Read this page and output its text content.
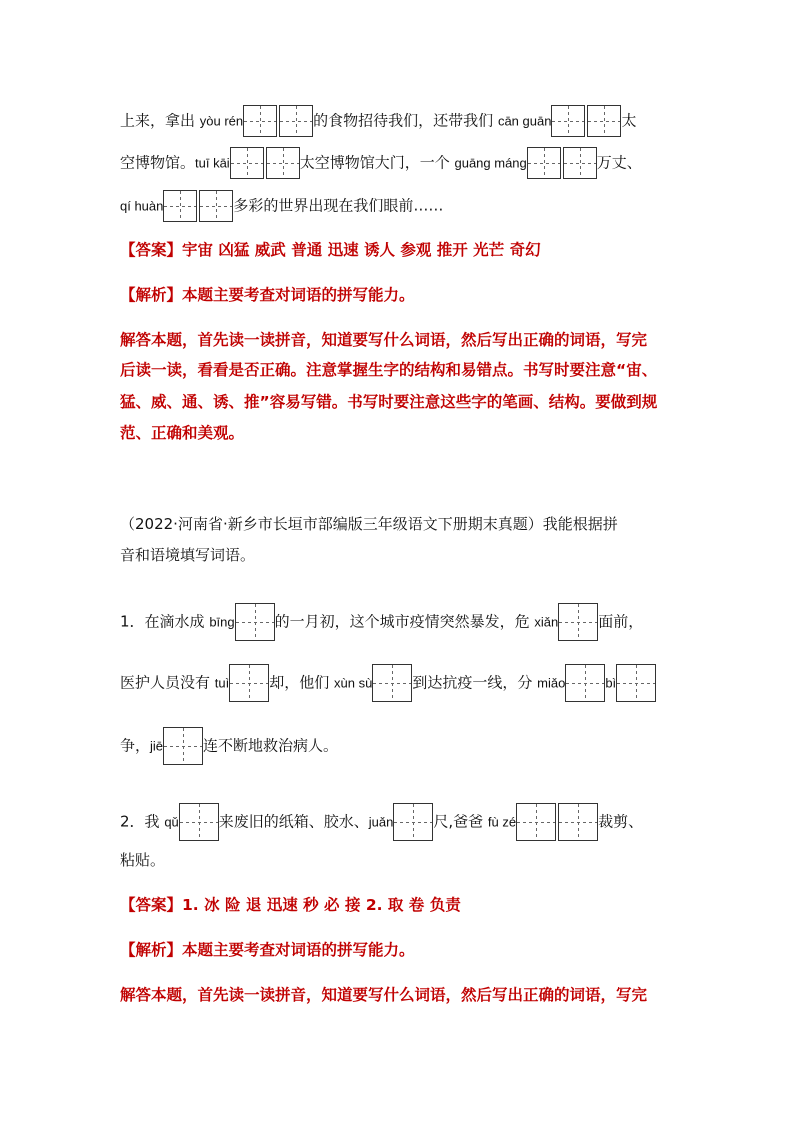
上来，拿出 yòu rén	的食物招待我们，还带我们 cān guān	太
空博物馆。tuī kāi	太空博物馆大门，一个 guāng máng	万丈、
qí huàn	多彩的世界出现在我们眼前……
【答案】宇宙 凶猛 威武 普通 迅速 诱人 参观 推开 光芒 奇幻
【解析】本题主要考查对词语的拼写能力。
解答本题，首先读一读拼音，知道要写什么词语，然后写出正确的词语，写完
后读一读，看看是否正确。注意掌握生字的结构和易错点。书写时要注意“宙、
猛、威、通、诱、推”容易写错。书写时要注意这些字的笔画、结构。要做到规
范、正确和美观。
（2022·河南省·新乡市长垣市部编版三年级语文下册期末真题）我能根据拼
音和语境填写词语。
1．在滴水成 bīng	的一月初，这个城市疫情突然暴发，危 xiǎn	面前，
医护人员没有 tuì	却，他们 xùn sù	到达抗疫一线，分 miǎo	bì
争，jiē	连不断地救治病人。
2．我 qǔ	来废旧的纸箱、胶水、juǎn	尺,爸爸 fù zé	裁剪、
粘贴。
【答案】1. 冰 险 退 迅速 秒 必 接 2. 取 卷 负责
【解析】本题主要考查对词语的拼写能力。
解答本题，首先读一读拼音，知道要写什么词语，然后写出正确的词语，写完
